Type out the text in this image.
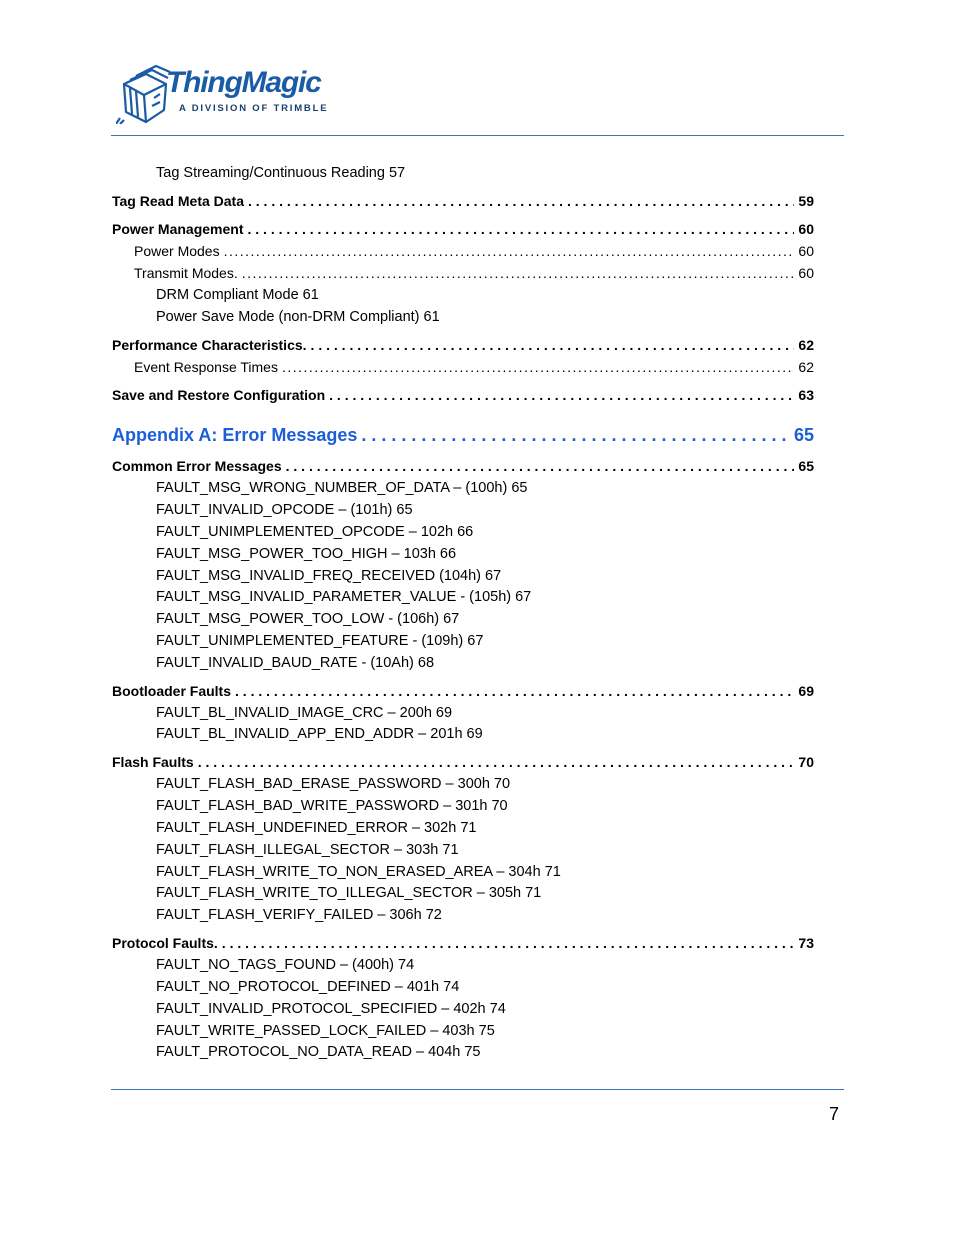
ThingMagic
A DIVISION OF TRIMBLE
Tag Streaming/Continuous Reading 57
Tag Read Meta Data . . .	59
Power Management . . .	60
Power Modes . . .	60
Transmit Modes. . . .	60
DRM Compliant Mode 61
Power Save Mode (non-DRM Compliant) 61
Performance Characteristics. . . .	62
Event Response Times . . .	62
Save and Restore Configuration . . .	63
Appendix A: Error Messages . . .	65
Common Error Messages . . .	65
FAULT_MSG_WRONG_NUMBER_OF_DATA – (100h) 65
FAULT_INVALID_OPCODE – (101h) 65
FAULT_UNIMPLEMENTED_OPCODE – 102h 66
FAULT_MSG_POWER_TOO_HIGH – 103h 66
FAULT_MSG_INVALID_FREQ_RECEIVED (104h) 67
FAULT_MSG_INVALID_PARAMETER_VALUE - (105h) 67
FAULT_MSG_POWER_TOO_LOW - (106h) 67
FAULT_UNIMPLEMENTED_FEATURE - (109h) 67
FAULT_INVALID_BAUD_RATE - (10Ah) 68
Bootloader Faults . . .	69
FAULT_BL_INVALID_IMAGE_CRC – 200h 69
FAULT_BL_INVALID_APP_END_ADDR – 201h 69
Flash Faults . . .	70
FAULT_FLASH_BAD_ERASE_PASSWORD – 300h 70
FAULT_FLASH_BAD_WRITE_PASSWORD – 301h 70
FAULT_FLASH_UNDEFINED_ERROR – 302h 71
FAULT_FLASH_ILLEGAL_SECTOR – 303h 71
FAULT_FLASH_WRITE_TO_NON_ERASED_AREA – 304h 71
FAULT_FLASH_WRITE_TO_ILLEGAL_SECTOR – 305h 71
FAULT_FLASH_VERIFY_FAILED – 306h 72
Protocol Faults. . . .	73
FAULT_NO_TAGS_FOUND – (400h) 74
FAULT_NO_PROTOCOL_DEFINED – 401h 74
FAULT_INVALID_PROTOCOL_SPECIFIED – 402h 74
FAULT_WRITE_PASSED_LOCK_FAILED – 403h 75
FAULT_PROTOCOL_NO_DATA_READ – 404h 75
7
